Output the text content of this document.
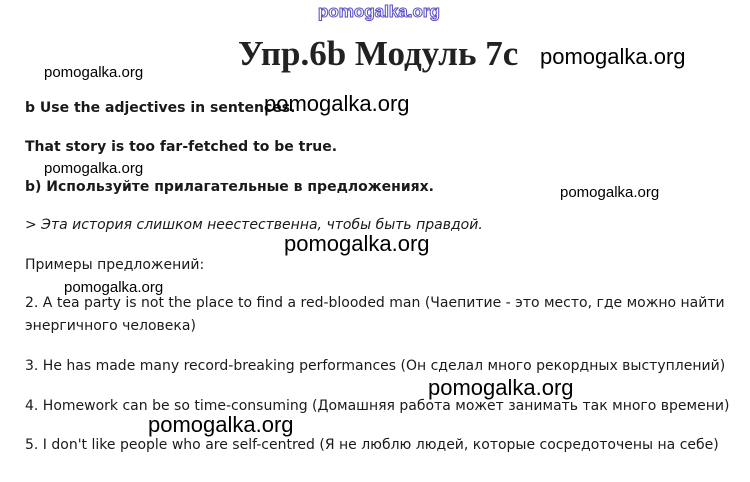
pomogalka.org
Упр.6b Модуль 7c pomogalka.org
pomogalka.org
b Use the adjectives in sentences.
pomogalka.org
That story is too far-fetched to be true.
pomogalka.org
b) Используйте прилагательные в предложениях.	pomogalka.org
> Эта история слишком неестественна, чтобы быть правдой.
pomogalka.org
Примеры предложений:
pomogalka.org
2. A tea party is not the place to find a red-blooded man (Чаепитие - это место, где можно найти
энергичного человека)
3. He has made many record-breaking performances (Он сделал много рекордных выступлений)
pomogalka.org
4. Homework can be so time-consuming (Домашняя работа может занимать так много времени)
pomogalka.org
5. I don't like people who are self-centred (Я не люблю людей, которые сосредоточены на себе)
